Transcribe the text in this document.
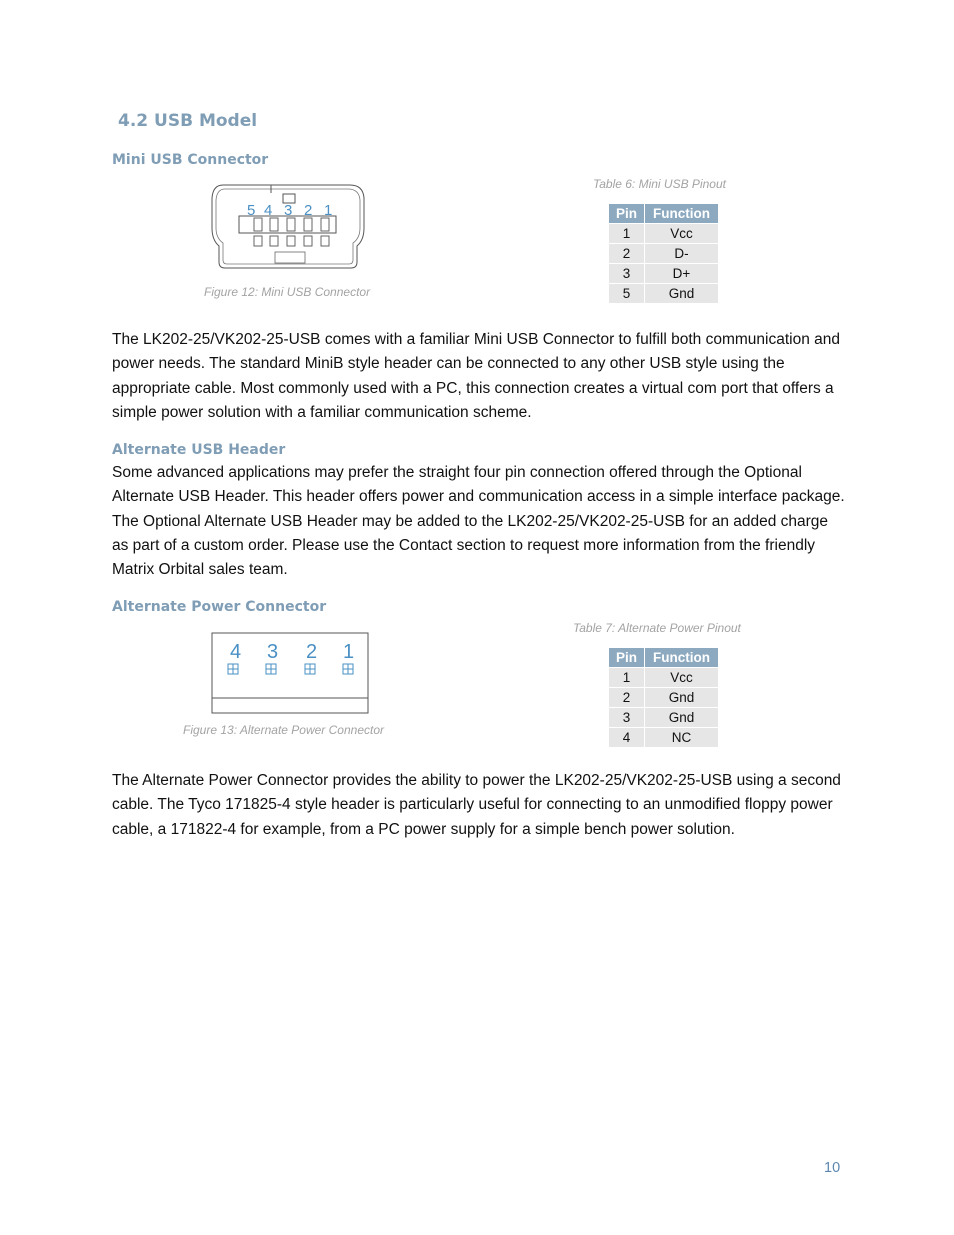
4.2 USB Model
Mini USB Connector
5 4 3 2 1
Figure 12: Mini USB Connector
Table 6: Mini USB Pinout
Pin	Function
1	Vcc
2	D-
3	D+
5	Gnd

The LK202-25/VK202-25-USB comes with a familiar Mini USB Connector to fulfill both communication and power needs. The standard MiniB style header can be connected to any other USB style using the appropriate cable. Most commonly used with a PC, this connection creates a virtual com port that offers a simple power solution with a familiar communication scheme.

Alternate USB Header

Some advanced applications may prefer the straight four pin connection offered through the Optional Alternate USB Header. This header offers power and communication access in a simple interface package. The Optional Alternate USB Header may be added to the LK202-25/VK202-25-USB for an added charge as part of a custom order. Please use the Contact section to request more information from the friendly Matrix Orbital sales team.

Alternate Power Connector
4 3 2 1
Figure 13: Alternate Power Connector
Table 7: Alternate Power Pinout
Pin	Function
1	Vcc
2	Gnd
3	Gnd
4	NC

The Alternate Power Connector provides the ability to power the LK202-25/VK202-25-USB using a second cable. The Tyco 171825-4 style header is particularly useful for connecting to an unmodified floppy power cable, a 171822-4 for example, from a PC power supply for a simple bench power solution.

10
